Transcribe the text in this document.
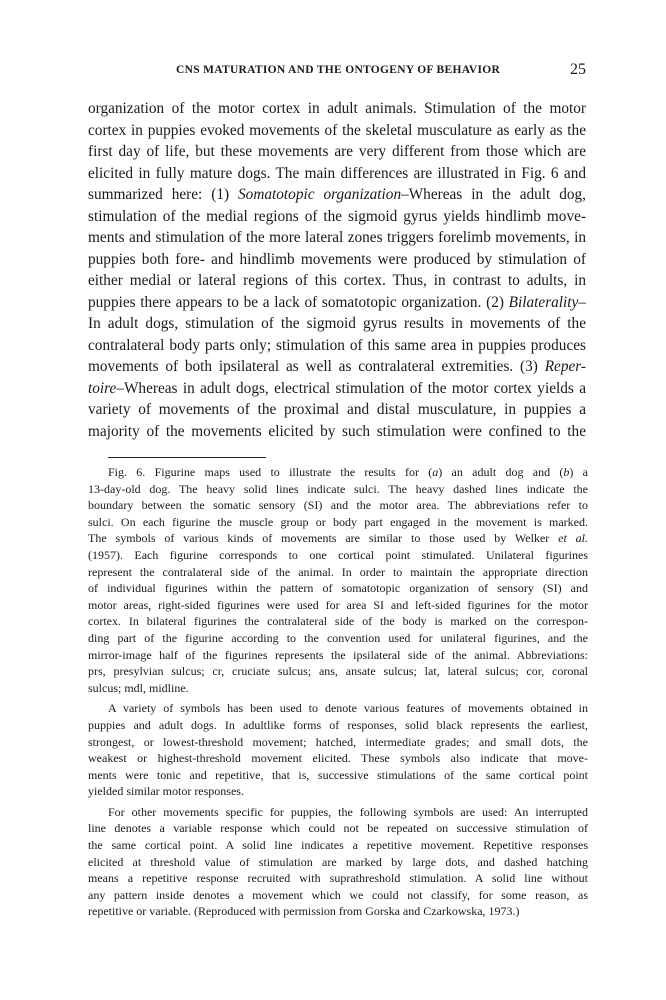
CNS MATURATION AND THE ONTOGENY OF BEHAVIOR	25
organization of the motor cortex in adult animals. Stimulation of the motor
cortex in puppies evoked movements of the skeletal musculature as early as the
first day of life, but these movements are very different from those which are
elicited in fully mature dogs. The main differences are illustrated in Fig. 6 and
summarized here: (1) Somatotopic organization–Whereas in the adult dog,
stimulation of the medial regions of the sigmoid gyrus yields hindlimb move-
ments and stimulation of the more lateral zones triggers forelimb movements, in
puppies both fore- and hindlimb movements were produced by stimulation of
either medial or lateral regions of this cortex. Thus, in contrast to adults, in
puppies there appears to be a lack of somatotopic organization. (2) Bilaterality–
In adult dogs, stimulation of the sigmoid gyrus results in movements of the
contralateral body parts only; stimulation of this same area in puppies produces
movements of both ipsilateral as well as contralateral extremities. (3) Reper-
toire–Whereas in adult dogs, electrical stimulation of the motor cortex yields a
variety of movements of the proximal and distal musculature, in puppies a
majority of the movements elicited by such stimulation were confined to the
Fig. 6. Figurine maps used to illustrate the results for (a) an adult dog and (b) a
13-day-old dog. The heavy solid lines indicate sulci. The heavy dashed lines indicate the
boundary between the somatic sensory (SI) and the motor area. The abbreviations refer to
sulci. On each figurine the muscle group or body part engaged in the movement is marked.
The symbols of various kinds of movements are similar to those used by Welker et al.
(1957). Each figurine corresponds to one cortical point stimulated. Unilateral figurines
represent the contralateral side of the animal. In order to maintain the appropriate direction
of individual figurines within the pattern of somatotopic organization of sensory (SI) and
motor areas, right-sided figurines were used for area SI and left-sided figurines for the motor
cortex. In bilateral figurines the contralateral side of the body is marked on the correspon-
ding part of the figurine according to the convention used for unilateral figurines, and the
mirror-image half of the figurines represents the ipsilateral side of the animal. Abbreviations:
prs, presylvian sulcus; cr, cruciate sulcus; ans, ansate sulcus; lat, lateral sulcus; cor, coronal
sulcus; mdl, midline.
A variety of symbols has been used to denote various features of movements obtained in
puppies and adult dogs. In adultlike forms of responses, solid black represents the earliest,
strongest, or lowest-threshold movement; hatched, intermediate grades; and small dots, the
weakest or highest-threshold movement elicited. These symbols also indicate that move-
ments were tonic and repetitive, that is, successive stimulations of the same cortical point
yielded similar motor responses.
For other movements specific for puppies, the following symbols are used: An interrupted
line denotes a variable response which could not be repeated on successive stimulation of
the same cortical point. A solid line indicates a repetitive movement. Repetitive responses
elicited at threshold value of stimulation are marked by large dots, and dashed hatching
means a repetitive response recruited with suprathreshold stimulation. A solid line without
any pattern inside denotes a movement which we could not classify, for some reason, as
repetitive or variable. (Reproduced with permission from Gorska and Czarkowska, 1973.)
